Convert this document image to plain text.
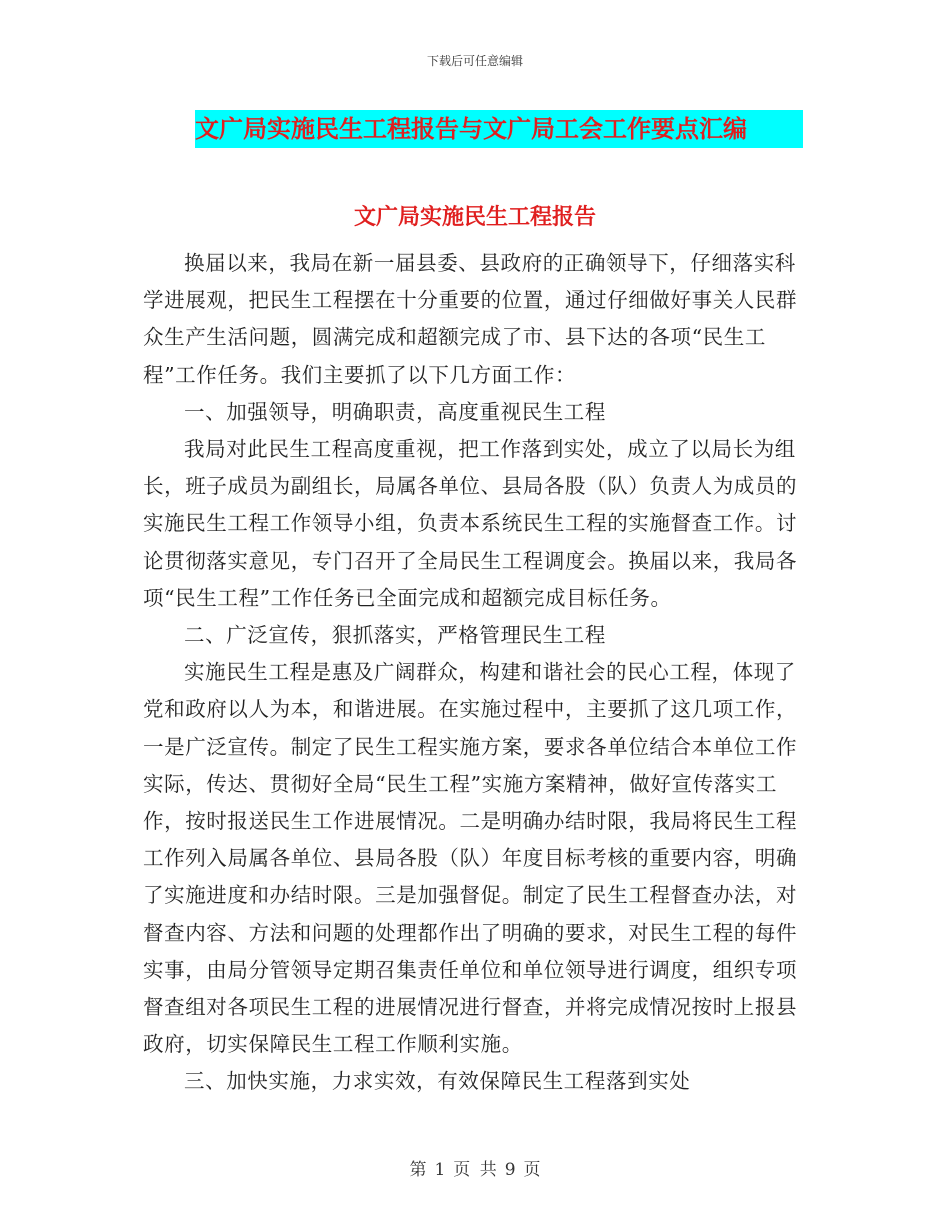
下载后可任意编辑
文广局实施民生工程报告与文广局工会工作要点汇编
文广局实施民生工程报告

换届以来，我局在新一届县委、县政府的正确领导下，仔细落实科学进展观，把民生工程摆在十分重要的位置，通过仔细做好事关人民群众生产生活问题，圆满完成和超额完成了市、县下达的各项“民生工程”工作任务。我们主要抓了以下几方面工作：

一、加强领导，明确职责，高度重视民生工程

我局对此民生工程高度重视，把工作落到实处，成立了以局长为组长，班子成员为副组长，局属各单位、县局各股（队）负责人为成员的实施民生工程工作领导小组，负责本系统民生工程的实施督查工作。讨论贯彻落实意见，专门召开了全局民生工程调度会。换届以来，我局各项“民生工程”工作任务已全面完成和超额完成目标任务。

二、广泛宣传，狠抓落实，严格管理民生工程

实施民生工程是惠及广阔群众，构建和谐社会的民心工程，体现了党和政府以人为本，和谐进展。在实施过程中，主要抓了这几项工作，一是广泛宣传。制定了民生工程实施方案，要求各单位结合本单位工作实际，传达、贯彻好全局“民生工程”实施方案精神，做好宣传落实工作，按时报送民生工作进展情况。二是明确办结时限，我局将民生工程工作列入局属各单位、县局各股（队）年度目标考核的重要内容，明确了实施进度和办结时限。三是加强督促。制定了民生工程督查办法，对督查内容、方法和问题的处理都作出了明确的要求，对民生工程的每件实事，由局分管领导定期召集责任单位和单位领导进行调度，组织专项督查组对各项民生工程的进展情况进行督查，并将完成情况按时上报县政府，切实保障民生工程工作顺利实施。

三、加快实施，力求实效，有效保障民生工程落到实处

第 1 页 共 9 页
